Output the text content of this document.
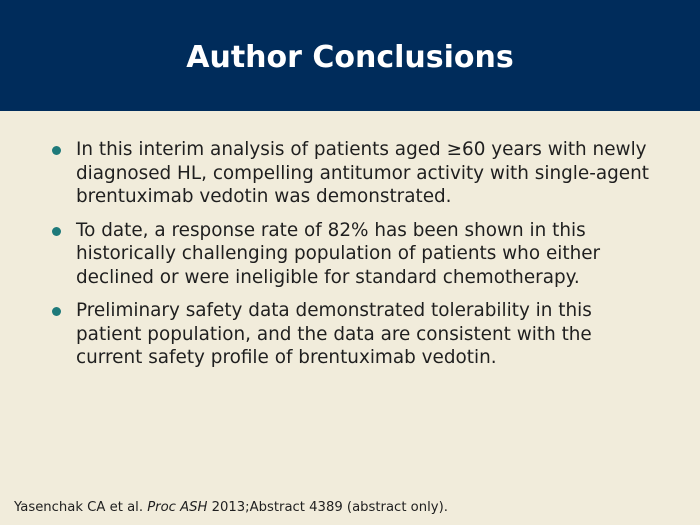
Author Conclusions
In this interim analysis of patients aged ≥60 years with newly diagnosed HL, compelling antitumor activity with single-agent brentuximab vedotin was demonstrated.
To date, a response rate of 82% has been shown in this historically challenging population of patients who either declined or were ineligible for standard chemotherapy.
Preliminary safety data demonstrated tolerability in this patient population, and the data are consistent with the current safety profile of brentuximab vedotin.
Yasenchak CA et al. Proc ASH 2013;Abstract 4389 (abstract only).
